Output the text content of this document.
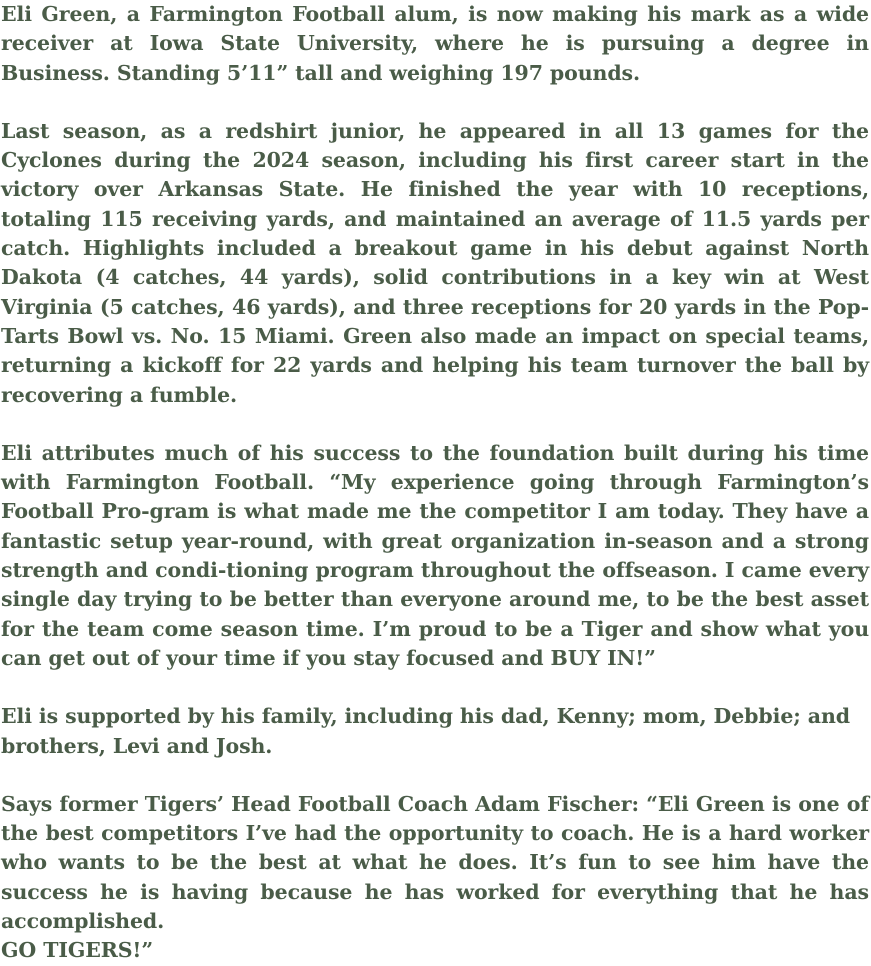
Eli Green, a Farmington Football alum, is now making his mark as a wide receiver at Iowa State University, where he is pursuing a degree in Business. Standing 5’11” tall and weighing 197 pounds.

Last season, as a redshirt junior, he appeared in all 13 games for the Cyclones during the 2024 season, including his first career start in the victory over Arkansas State. He finished the year with 10 receptions, totaling 115 receiving yards, and maintained an average of 11.5 yards per catch. Highlights included a breakout game in his debut against North Dakota (4 catches, 44 yards), solid contributions in a key win at West Virginia (5 catches, 46 yards), and three receptions for 20 yards in the Pop-Tarts Bowl vs. No. 15 Miami. Green also made an impact on special teams, returning a kickoff for 22 yards and helping his team turnover the ball by recovering a fumble.

Eli attributes much of his success to the foundation built during his time with Farmington Football. “My experience going through Farmington’s Football Pro-gram is what made me the competitor I am today. They have a fantastic setup year-round, with great organization in-season and a strong strength and condi-tioning program throughout the offseason. I came every single day trying to be better than everyone around me, to be the best asset for the team come season time. I’m proud to be a Tiger and show what you can get out of your time if you stay focused and BUY IN!”

Eli is supported by his family, including his dad, Kenny; mom, Debbie; and brothers, Levi and Josh.

Says former Tigers’ Head Football Coach Adam Fischer: “Eli Green is one of the best competitors I’ve had the opportunity to coach. He is a hard worker who wants to be the best at what he does. It’s fun to see him have the success he is having because he has worked for everything that he has accomplished.

GO TIGERS!”
